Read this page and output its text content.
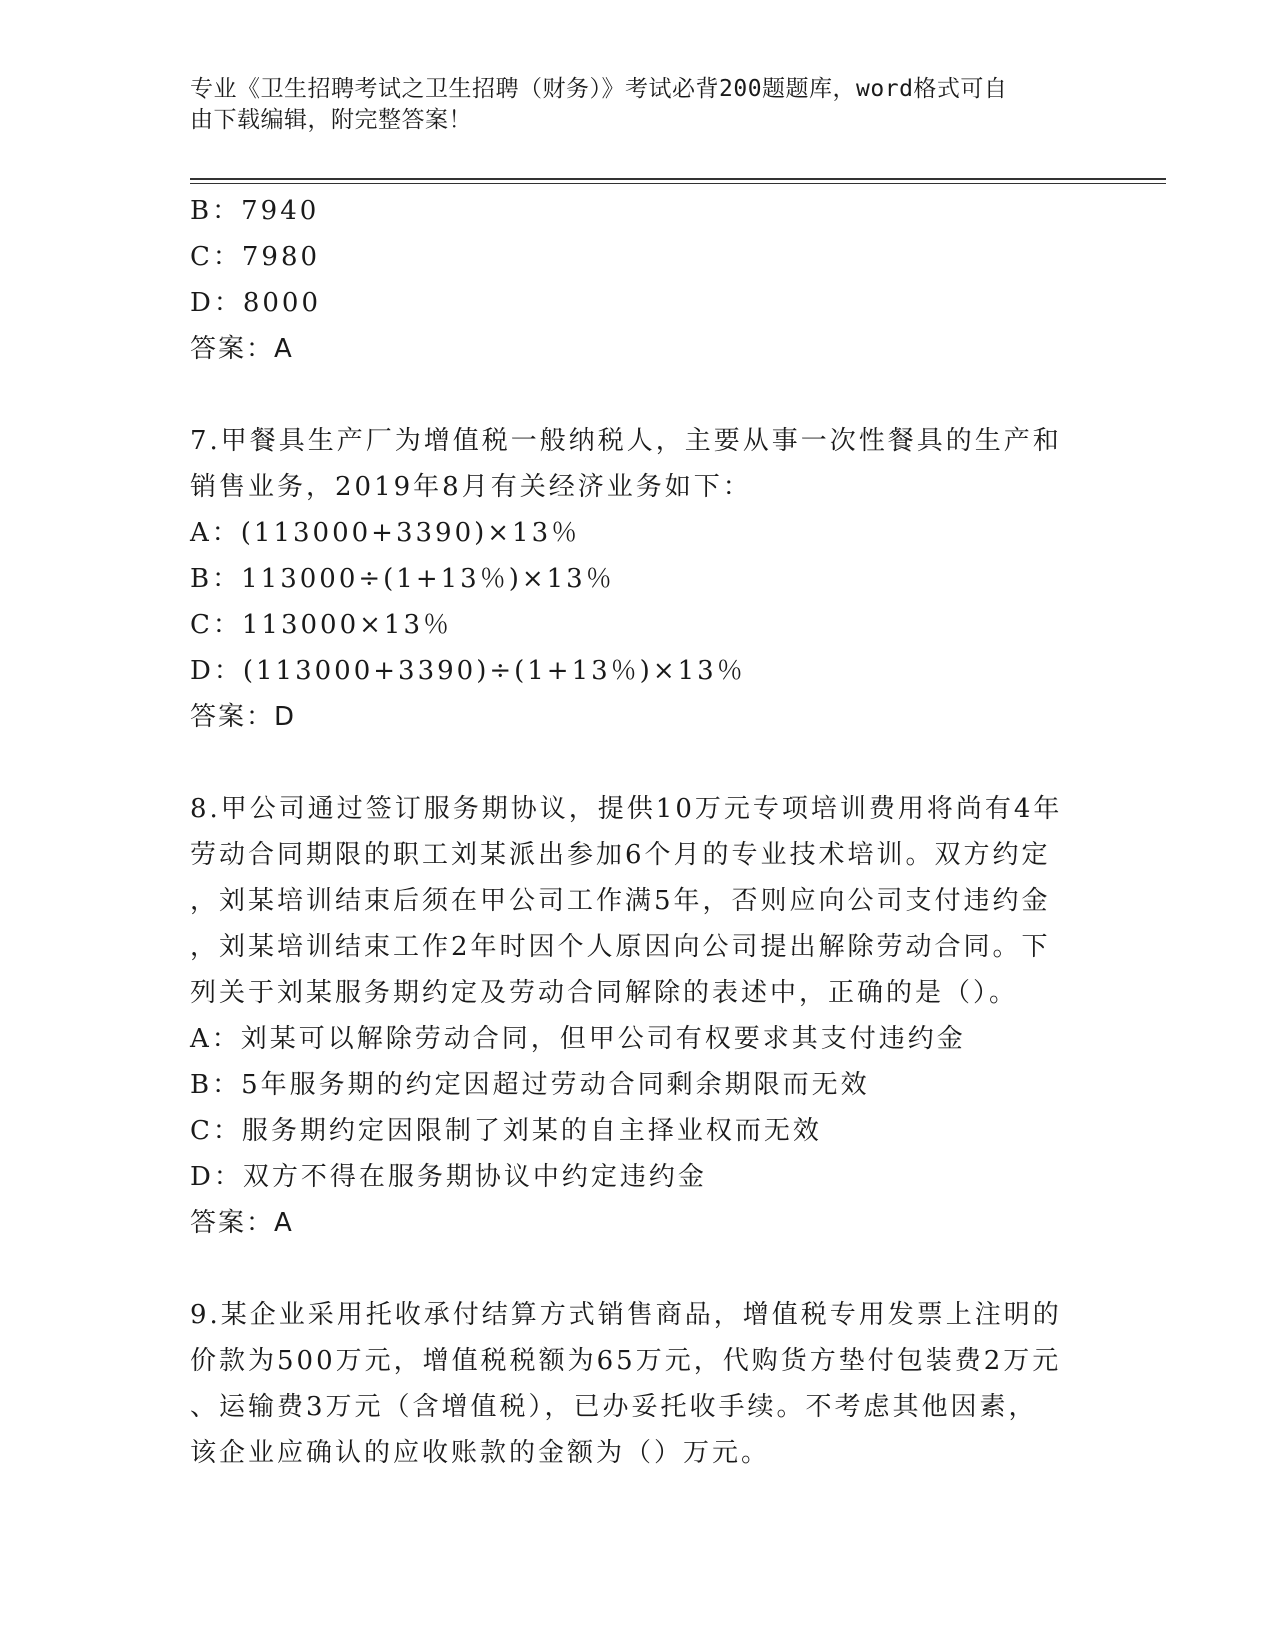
专业《卫生招聘考试之卫生招聘（财务）》考试必背200题题库，word格式可自
由下载编辑，附完整答案！
B：7940
C：7980
D：8000
答案：A
7.甲餐具生产厂为增值税一般纳税人，主要从事一次性餐具的生产和
销售业务，2019年8月有关经济业务如下：
A：(113000+3390)×13％
B：113000÷(1+13％)×13％
C：113000×13％
D：(113000+3390)÷(1+13％)×13％
答案：D
8.甲公司通过签订服务期协议，提供10万元专项培训费用将尚有4年
劳动合同期限的职工刘某派出参加6个月的专业技术培训。双方约定
，刘某培训结束后须在甲公司工作满5年，否则应向公司支付违约金
，刘某培训结束工作2年时因个人原因向公司提出解除劳动合同。下
列关于刘某服务期约定及劳动合同解除的表述中，正确的是（）。
A：刘某可以解除劳动合同，但甲公司有权要求其支付违约金
B：5年服务期的约定因超过劳动合同剩余期限而无效
C：服务期约定因限制了刘某的自主择业权而无效
D：双方不得在服务期协议中约定违约金
答案：A
9.某企业采用托收承付结算方式销售商品，增值税专用发票上注明的
价款为500万元，增值税税额为65万元，代购货方垫付包装费2万元
、运输费3万元（含增值税），已办妥托收手续。不考虑其他因素，
该企业应确认的应收账款的金额为（）万元。
